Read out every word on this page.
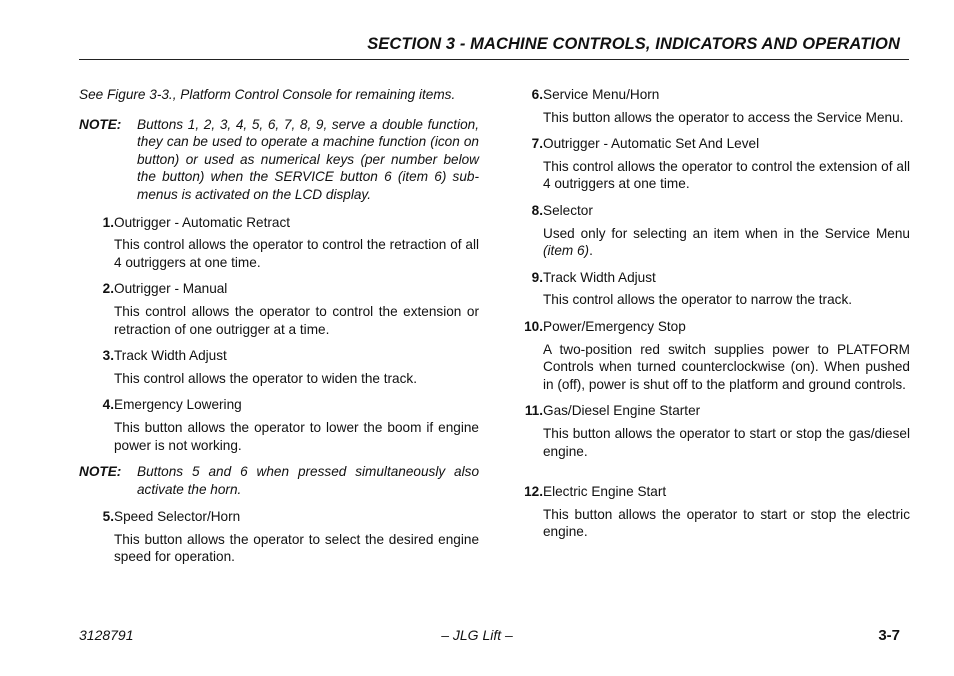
SECTION 3 - MACHINE CONTROLS, INDICATORS AND OPERATION
See Figure 3-3., Platform Control Console for remaining items.
NOTE:	Buttons 1, 2, 3, 4, 5, 6, 7, 8, 9, serve a double function, they can be used to operate a machine function (icon on button) or used as numerical keys (per number below the button) when the SERVICE button 6 (item 6) sub-menus is activated on the LCD display.
1. Outrigger - Automatic Retract
This control allows the operator to control the retraction of all 4 outriggers at one time.
2. Outrigger - Manual
This control allows the operator to control the extension or retraction of one outrigger at a time.
3. Track Width Adjust
This control allows the operator to widen the track.
4. Emergency Lowering
This button allows the operator to lower the boom if engine power is not working.
NOTE:	Buttons 5 and 6 when pressed simultaneously also activate the horn.
5. Speed Selector/Horn
This button allows the operator to select the desired engine speed for operation.
6. Service Menu/Horn
This button allows the operator to access the Service Menu.
7. Outrigger - Automatic Set And Level
This control allows the operator to control the extension of all 4 outriggers at one time.
8. Selector
Used only for selecting an item when in the Service Menu (item 6).
9. Track Width Adjust
This control allows the operator to narrow the track.
10. Power/Emergency Stop
A two-position red switch supplies power to PLATFORM Controls when turned counterclockwise (on). When pushed in (off), power is shut off to the platform and ground controls.
11. Gas/Diesel Engine Starter
This button allows the operator to start or stop the gas/diesel engine.
12. Electric Engine Start
This button allows the operator to start or stop the electric engine.
3128791	– JLG Lift –	3-7
